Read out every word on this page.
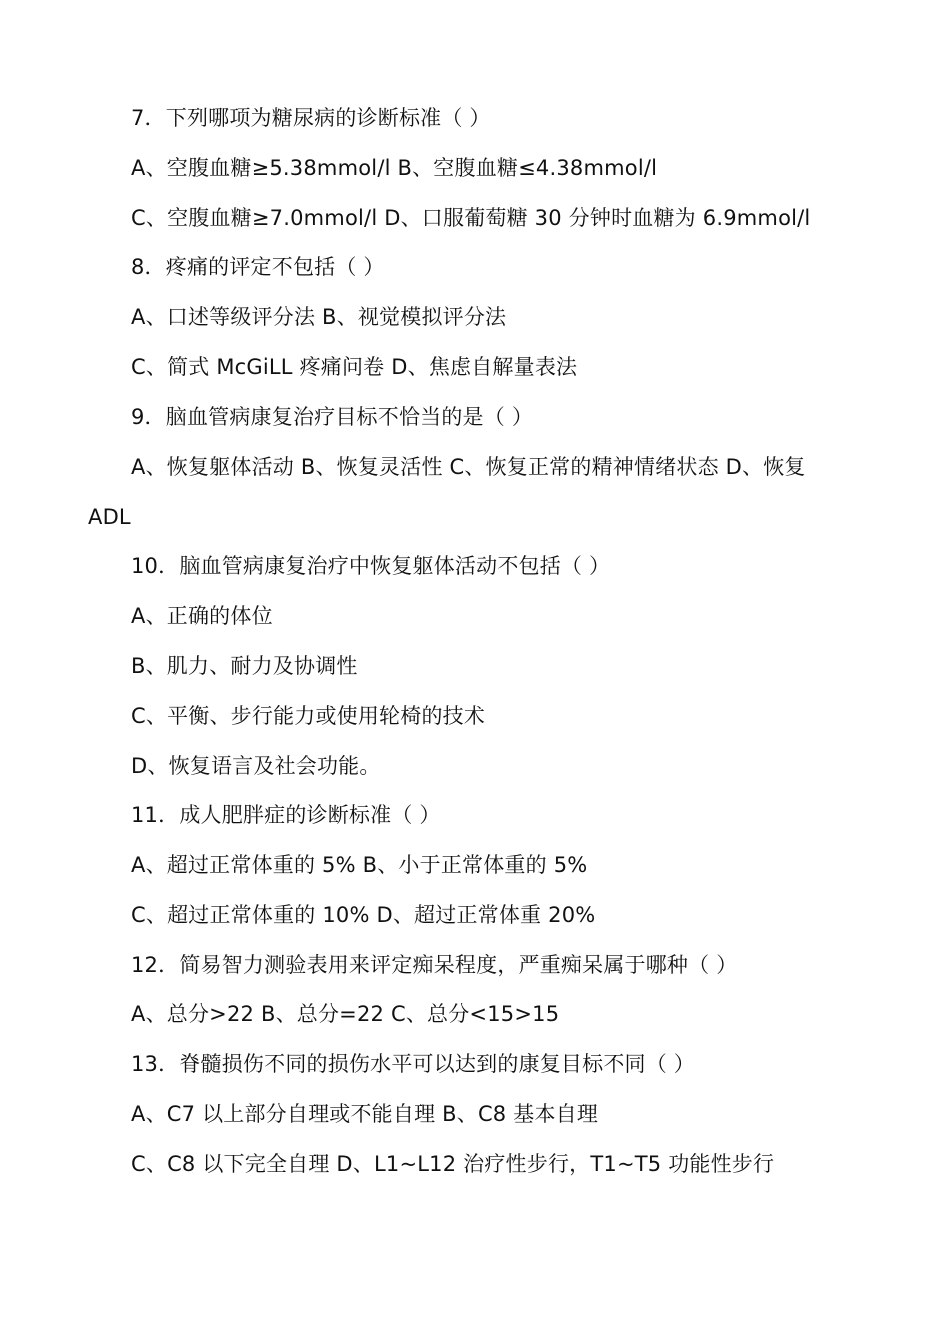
7．下列哪项为糖尿病的诊断标准（ ）
A、空腹血糖≥5.38mmol/l B、空腹血糖≤4.38mmol/l
C、空腹血糖≥7.0mmol/l D、口服葡萄糖 30 分钟时血糖为 6.9mmol/l
8．疼痛的评定不包括（ ）
A、口述等级评分法 B、视觉模拟评分法
C、简式 McGiLL 疼痛问卷 D、焦虑自解量表法
9．脑血管病康复治疗目标不恰当的是（ ）
A、恢复躯体活动 B、恢复灵活性 C、恢复正常的精神情绪状态 D、恢复
ADL
10．脑血管病康复治疗中恢复躯体活动不包括（ ）
A、正确的体位
B、肌力、耐力及协调性
C、平衡、步行能力或使用轮椅的技术
D、恢复语言及社会功能。
11．成人肥胖症的诊断标准（ ）
A、超过正常体重的 5% B、小于正常体重的 5%
C、超过正常体重的 10% D、超过正常体重 20%
12．简易智力测验表用来评定痴呆程度，严重痴呆属于哪种（ ）
A、总分>22 B、总分=22 C、总分<15>15
13．脊髓损伤不同的损伤水平可以达到的康复目标不同（ ）
A、C7 以上部分自理或不能自理 B、C8 基本自理
C、C8 以下完全自理 D、L1~L12 治疗性步行，T1~T5 功能性步行
